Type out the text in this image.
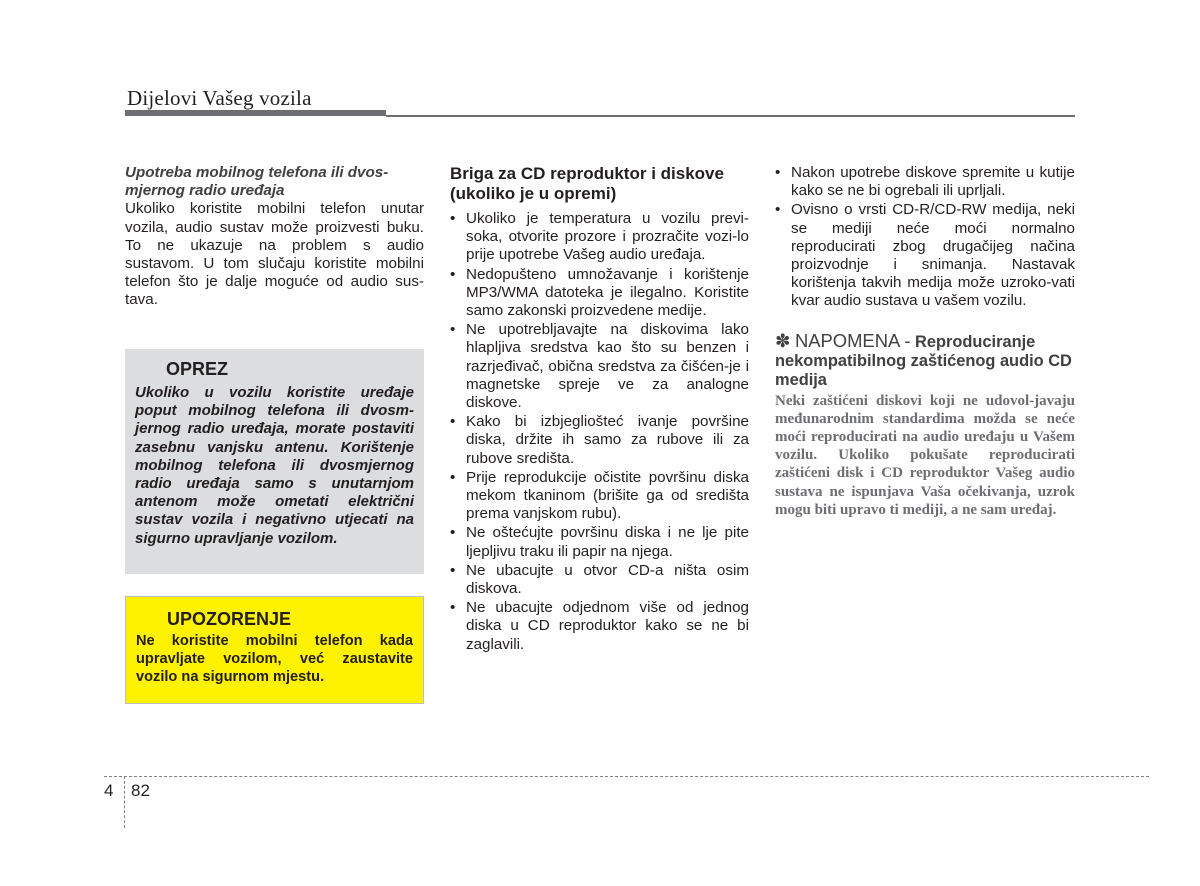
Dijelovi Vašeg vozila
Upotreba mobilnog telefona ili dvos-mjernog radio uređaja
Ukoliko koristite mobilni telefon unutar vozila, audio sustav može proizvesti buku. To ne ukazuje na problem s audio sustavom. U tom slučaju koristite mobilni telefon što je dalje moguće od audio sus-tava.
OPREZ
Ukoliko u vozilu koristite uređaje poput mobilnog telefona ili dvosm-jernog radio uređaja, morate postaviti zasebnu vanjsku antenu. Korištenje mobilnog telefona ili dvosmjernog radio uređaja samo s unutarnjom antenom može ometati električni sustav vozila i negativno utjecati na sigurno upravljanje vozilom.
UPOZORENJE
Ne koristite mobilni telefon kada upravljate vozilom, već zaustavite vozilo na sigurnom mjestu.
Briga za CD reproduktor i diskove (ukoliko je u opremi)
• Ukoliko je temperatura u vozilu previ-soka, otvorite prozore i prozračite vozi-lo prije upotrebe Vašeg audio uređaja.
• Nedopušteno umnožavanje i korištenje MP3/WMA datoteka je ilegalno. Koristite samo zakonski proizvedene medije.
• Ne upotrebljavajte na diskovima lako hlapljiva sredstva kao što su benzen i razrjeđivač, obična sredstva za čišćen-je i magnetske spreje ve za analogne diskove.
• Kako bi izbjegliošteć ivanje površine diska, držite ih samo za rubove ili za rubove središta.
• Prije reprodukcije očistite površinu diska mekom tkaninom (brišite ga od središta prema vanjskom rubu).
• Ne oštećujte površinu diska i ne lje pite ljepljivu traku ili papir na njega.
• Ne ubacujte u otvor CD-a ništa osim diskova.
• Ne ubacujte odjednom više od jednog diska u CD reproduktor kako se ne bi zaglavili.
• Nakon upotrebe diskove spremite u kutije kako se ne bi ogrebali ili uprljali.
• Ovisno o vrsti CD-R/CD-RW medija, neki se mediji neće moći normalno reproducirati zbog drugačijeg načina proizvodnje i snimanja. Nastavak korištenja takvih medija može uzroko-vati kvar audio sustava u vašem vozilu.
✽ NAPOMENA - Reproduciranje nekompatibilnog zaštićenog audio CD medija
Neki zaštićeni diskovi koji ne udovol-javaju međunarodnim standardima možda se neće moći reproducirati na audio uređaju u Vašem vozilu. Ukoliko pokušate reproducirati zaštićeni disk i CD reproduktor Vašeg audio sustava ne ispunjava Vaša očekivanja, uzrok mogu biti upravo ti mediji, a ne sam uređaj.
4 82
